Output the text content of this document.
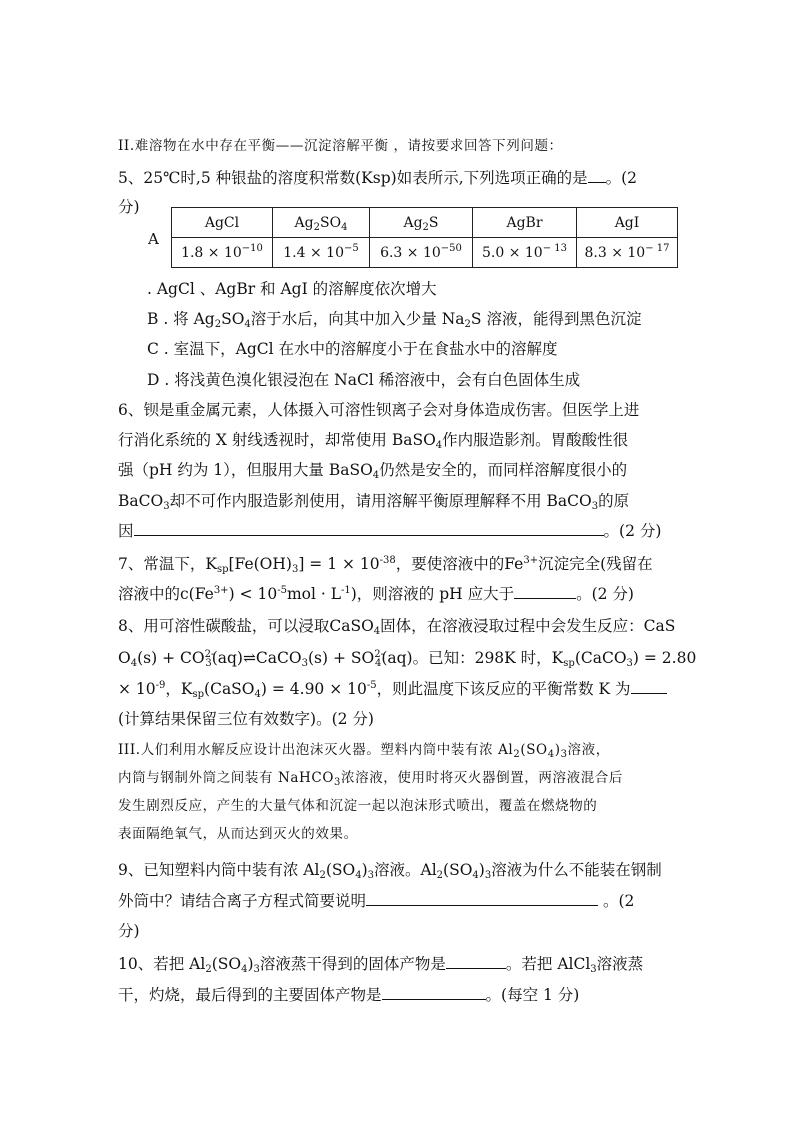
II.难溶物在水中存在平衡——沉淀溶解平衡 ，请按要求回答下列问题：
5、25℃时,5 种银盐的溶度积常数(Ksp)如表所示,下列选项正确的是 。(2
分)
A
AgCl	$Ag_2SO_4$	$Ag_2S$	AgBr	AgI
$1.8 \times 10^{-10}$	$1.4 \times 10^{-5}$	$6.3 \times 10^{-50}$	$5.0 \times 10^{- 13}$	$8.3 \times 10^{- 17}$
. AgCl 、AgBr 和 AgI 的溶解度依次增大
B . 将 $Ag_2SO_4$溶于水后，向其中加入少量 $Na_2S$ 溶液，能得到黑色沉淀
C . 室温下，AgCl 在水中的溶解度小于在食盐水中的溶解度
D . 将浅黄色溴化银浸泡在 NaCl 稀溶液中，会有白色固体生成
6、钡是重金属元素，人体摄入可溶性钡离子会对身体造成伤害。但医学上进
行消化系统的 X 射线透视时，却常使用 BaSO$_4$作内服造影剂。胃酸酸性很
强（pH 约为 1），但服用大量 BaSO$_4$仍然是安全的，而同样溶解度很小的
BaCO$_3$却不可作内服造影剂使用，请用溶解平衡原理解释不用 BaCO$_3$的原
因	。(2 分)
7、常温下，$K_{sp}[Fe(OH)_3] = 1 \times 10^{-38}$，要使溶液中的$Fe^{3+}$沉淀完全(残留在
溶液中的$c(Fe^{3+}) < 10^{-5}mol \cdot L^{-1}$)，则溶液的 pH 应大于	。(2 分)
8、用可溶性碳酸盐，可以浸取CaSO$_4$固体，在溶液浸取过程中会发生反应：CaS
$O_4(s)$ + $CO^{2-}_3(aq)\rightleftharpoons CaCO_3(s) + SO^{2-}_4(aq)$。已知：298K 时，$K_{sp}(CaCO_3) = 2.80$
× $10^{-9}$，$K_{sp}(CaSO_4) = 4.90 \times 10^{-5}$，则此温度下该反应的平衡常数 K 为
(计算结果保留三位有效数字)。(2 分)
III.人们利用水解反应设计出泡沫灭火器。塑料内筒中装有浓 $Al_2(SO_4)_3$溶液，
内筒与钢制外筒之间装有 NaHCO$_3$浓溶液，使用时将灭火器倒置，两溶液混合后
发生剧烈反应，产生的大量气体和沉淀一起以泡沫形式喷出，覆盖在燃烧物的
表面隔绝氧气，从而达到灭火的效果。
9、已知塑料内筒中装有浓 $Al_2(SO_4)_3$溶液。$Al_2(SO_4)_3$溶液为什么不能装在钢制
外筒中？请结合离子方程式简要说明	。(2
分)
10、若把 $Al_2(SO_4)_3$溶液蒸干得到的固体产物是	。若把 AlCl$_3$溶液蒸
干，灼烧，最后得到的主要固体产物是	。(每空 1 分)
